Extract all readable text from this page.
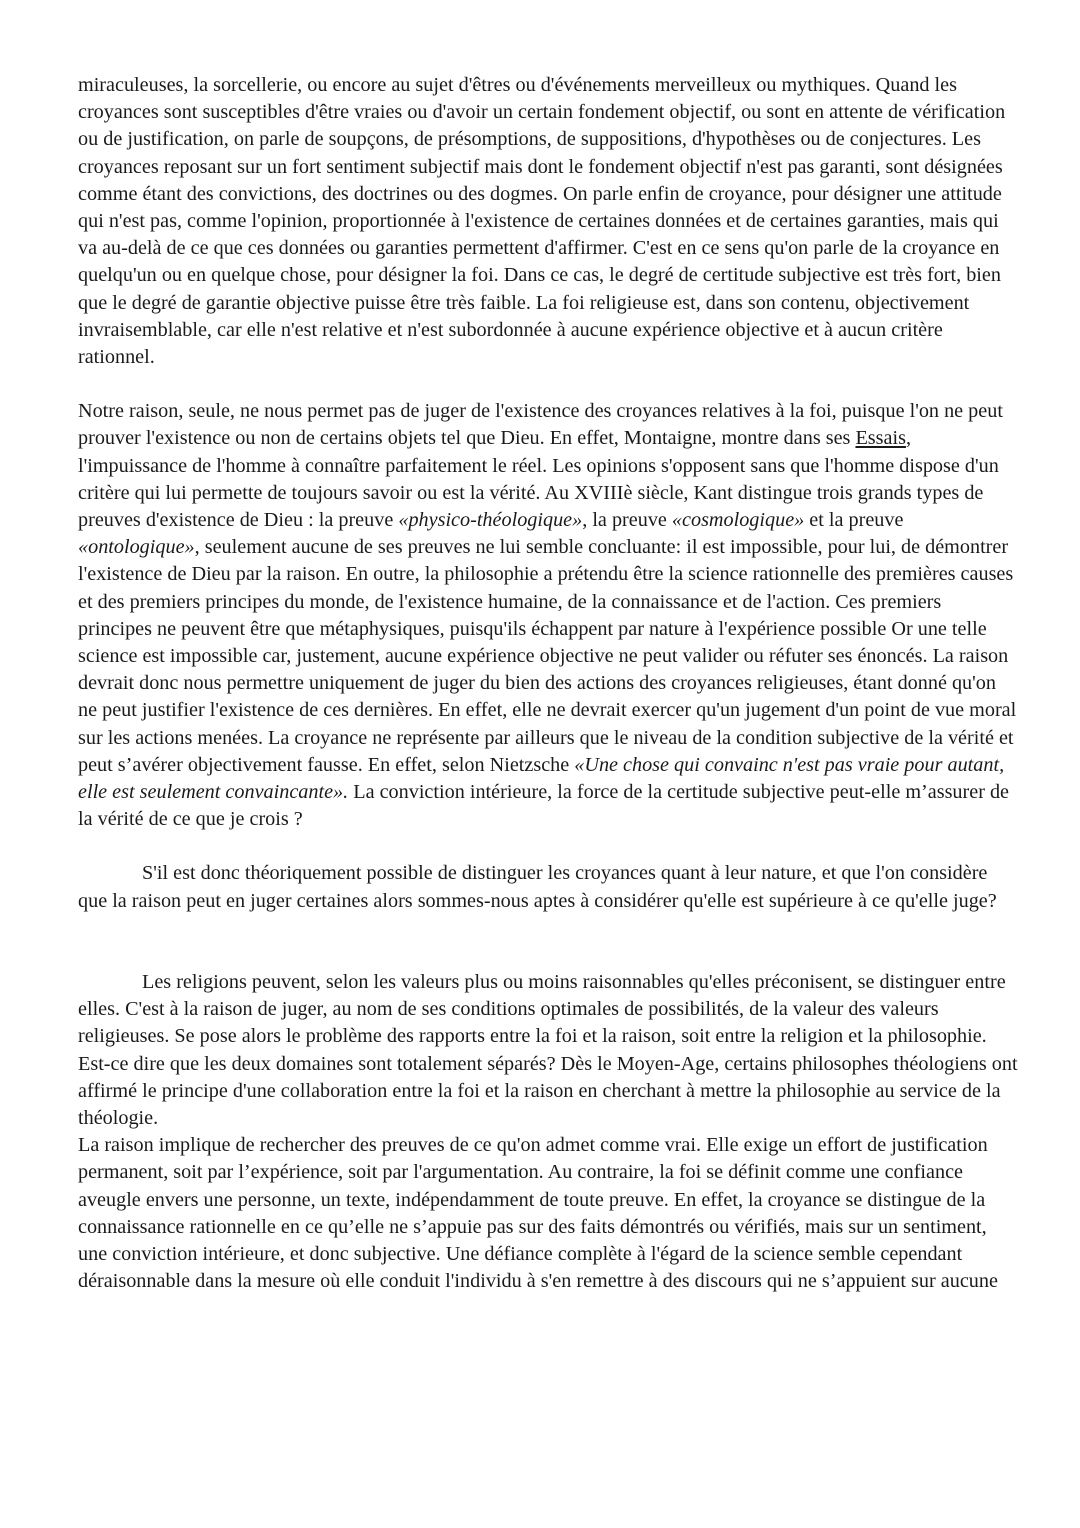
miraculeuses, la sorcellerie, ou encore au sujet d'êtres ou d'événements merveilleux ou mythiques. Quand les croyances sont susceptibles d'être vraies ou d'avoir un certain fondement objectif, ou sont en attente de vérification ou de justification, on parle de soupçons, de présomptions, de suppositions, d'hypothèses ou de conjectures. Les croyances reposant sur un fort sentiment subjectif mais dont le fondement objectif n'est pas garanti, sont désignées comme étant des convictions, des doctrines ou des dogmes. On parle enfin de croyance, pour désigner une attitude qui n'est pas, comme l'opinion, proportionnée à l'existence de certaines données et de certaines garanties, mais qui va au-delà de ce que ces données ou garanties permettent d'affirmer. C'est en ce sens qu'on parle de la croyance en quelqu'un ou en quelque chose, pour désigner la foi. Dans ce cas, le degré de certitude subjective est très fort, bien que le degré de garantie objective puisse être très faible. La foi religieuse est, dans son contenu, objectivement invraisemblable, car elle n'est relative et n'est subordonnée à aucune expérience objective et à aucun critère rationnel.

Notre raison, seule, ne nous permet pas de juger de l'existence des croyances relatives à la foi, puisque l'on ne peut prouver l'existence ou non de certains objets tel que Dieu. En effet, Montaigne, montre dans ses Essais, l'impuissance de l'homme à connaître parfaitement le réel. Les opinions s'opposent sans que l'homme dispose d'un critère qui lui permette de toujours savoir ou est la vérité. Au XVIIIè siècle, Kant distingue trois grands types de preuves d'existence de Dieu : la preuve «physico-théologique», la preuve «cosmologique» et la preuve «ontologique», seulement aucune de ses preuves ne lui semble concluante: il est impossible, pour lui, de démontrer l'existence de Dieu par la raison. En outre, la philosophie a prétendu être la science rationnelle des premières causes et des premiers principes du monde, de l'existence humaine, de la connaissance et de l'action. Ces premiers principes ne peuvent être que métaphysiques, puisqu'ils échappent par nature à l'expérience possible Or une telle science est impossible car, justement, aucune expérience objective ne peut valider ou réfuter ses énoncés. La raison devrait donc nous permettre uniquement de juger du bien des actions des croyances religieuses, étant donné qu'on ne peut justifier l'existence de ces dernières. En effet, elle ne devrait exercer qu'un jugement d'un point de vue moral sur les actions menées. La croyance ne représente par ailleurs que le niveau de la condition subjective de la vérité et peut s’avérer objectivement fausse. En effet, selon Nietzsche «Une chose qui convainc n'est pas vraie pour autant, elle est seulement convaincante». La conviction intérieure, la force de la certitude subjective peut-elle m’assurer de la vérité de ce que je crois ?

S'il est donc théoriquement possible de distinguer les croyances quant à leur nature, et que l'on considère que la raison peut en juger certaines alors sommes-nous aptes à considérer qu'elle est supérieure à ce qu'elle juge?

Les religions peuvent, selon les valeurs plus ou moins raisonnables qu'elles préconisent, se distinguer entre elles. C'est à la raison de juger, au nom de ses conditions optimales de possibilités, de la valeur des valeurs religieuses. Se pose alors le problème des rapports entre la foi et la raison, soit entre la religion et la philosophie. Est-ce dire que les deux domaines sont totalement séparés? Dès le Moyen-Age, certains philosophes théologiens ont affirmé le principe d'une collaboration entre la foi et la raison en cherchant à mettre la philosophie au service de la théologie.

La raison implique de rechercher des preuves de ce qu'on admet comme vrai. Elle exige un effort de justification permanent, soit par l’expérience, soit par l'argumentation. Au contraire, la foi se définit comme une confiance aveugle envers une personne, un texte, indépendamment de toute preuve. En effet, la croyance se distingue de la connaissance rationnelle en ce qu’elle ne s’appuie pas sur des faits démontrés ou vérifiés, mais sur un sentiment, une conviction intérieure, et donc subjective. Une défiance complète à l'égard de la science semble cependant déraisonnable dans la mesure où elle conduit l'individu à s'en remettre à des discours qui ne s’appuient sur aucune
